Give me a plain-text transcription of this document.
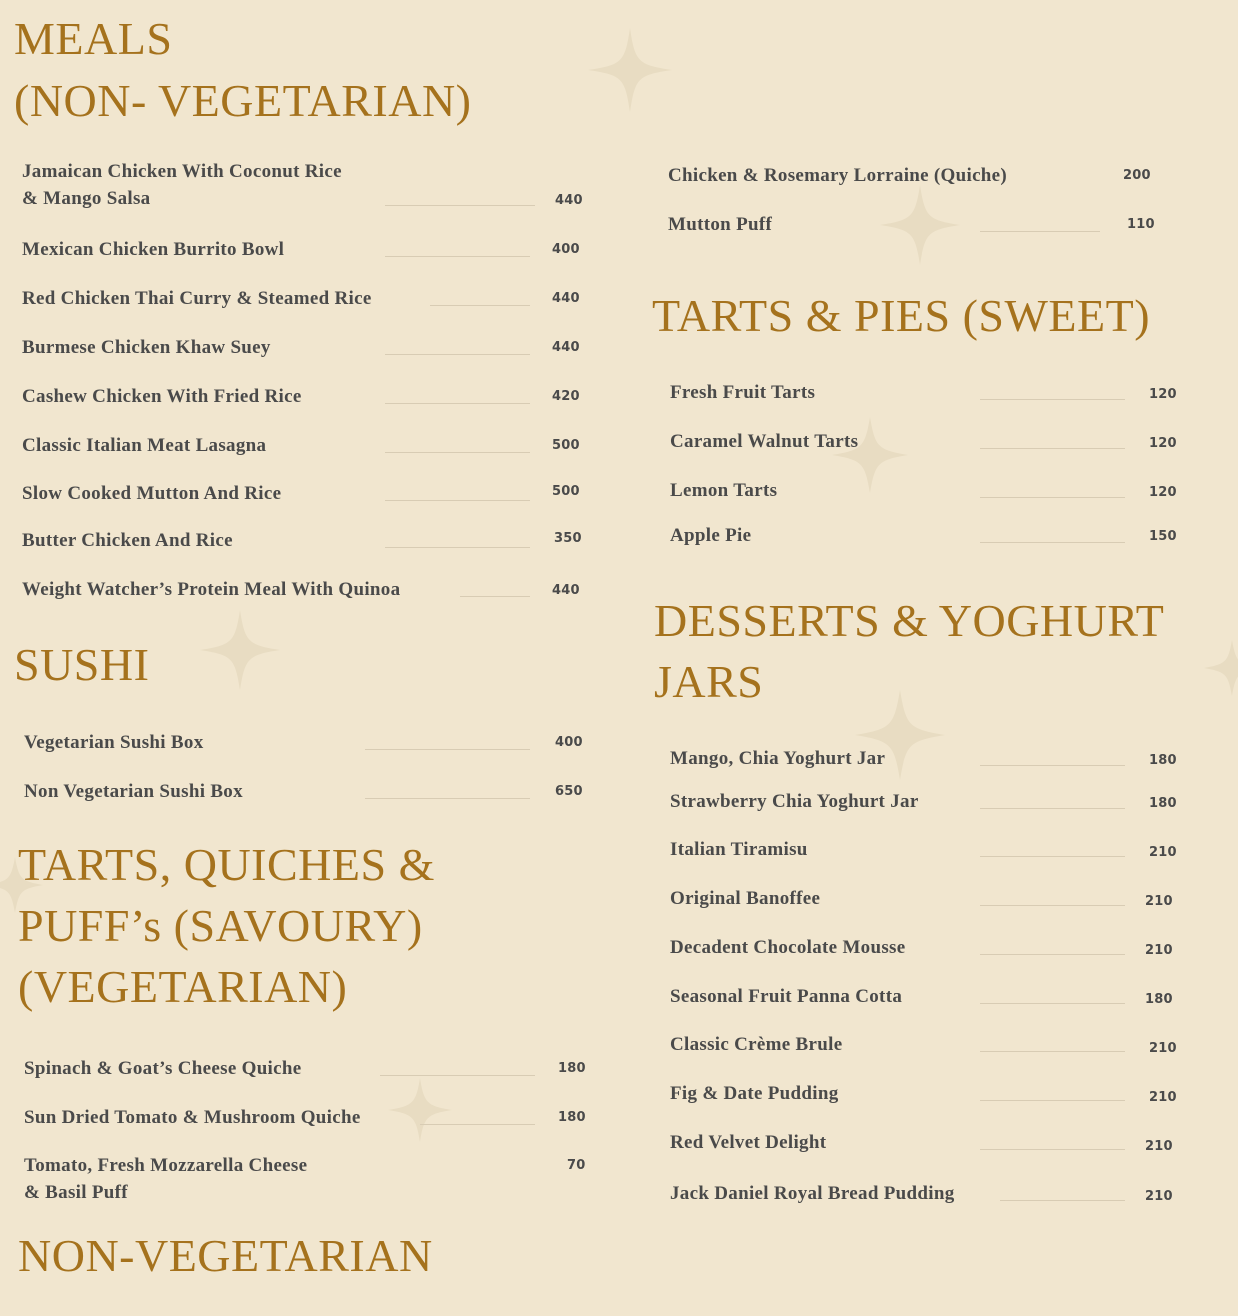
MEALS
(NON- VEGETARIAN)
Jamaican Chicken With Coconut Rice
& Mango Salsa	440
Mexican Chicken Burrito Bowl	400
Red Chicken Thai Curry & Steamed Rice	440
Burmese Chicken Khaw Suey	440
Cashew Chicken With Fried Rice	420
Classic Italian Meat Lasagna	500
Slow Cooked Mutton And Rice	500
Butter Chicken And Rice	350
Weight Watcher’s Protein Meal With Quinoa	440
SUSHI
Vegetarian Sushi Box	400
Non Vegetarian Sushi Box	650
TARTS, QUICHES &
PUFF’s (SAVOURY)
(VEGETARIAN)
Spinach & Goat’s Cheese Quiche	180
Sun Dried Tomato & Mushroom Quiche	180
Tomato, Fresh Mozzarella Cheese
& Basil Puff
70
NON-VEGETARIAN
Chicken & Rosemary Lorraine (Quiche)	200
Mutton Puff	110
TARTS & PIES (SWEET)
Fresh Fruit Tarts	120
Caramel Walnut Tarts	120
Lemon Tarts	120
Apple Pie	150
DESSERTS & YOGHURT
JARS
Mango, Chia Yoghurt Jar	180
Strawberry Chia Yoghurt Jar	180
Italian Tiramisu	210
Original Banoffee	210
Decadent Chocolate Mousse	210
Seasonal Fruit Panna Cotta	180
Classic Crème Brule	210
Fig & Date Pudding	210
Red Velvet Delight	210
Jack Daniel Royal Bread Pudding	210
